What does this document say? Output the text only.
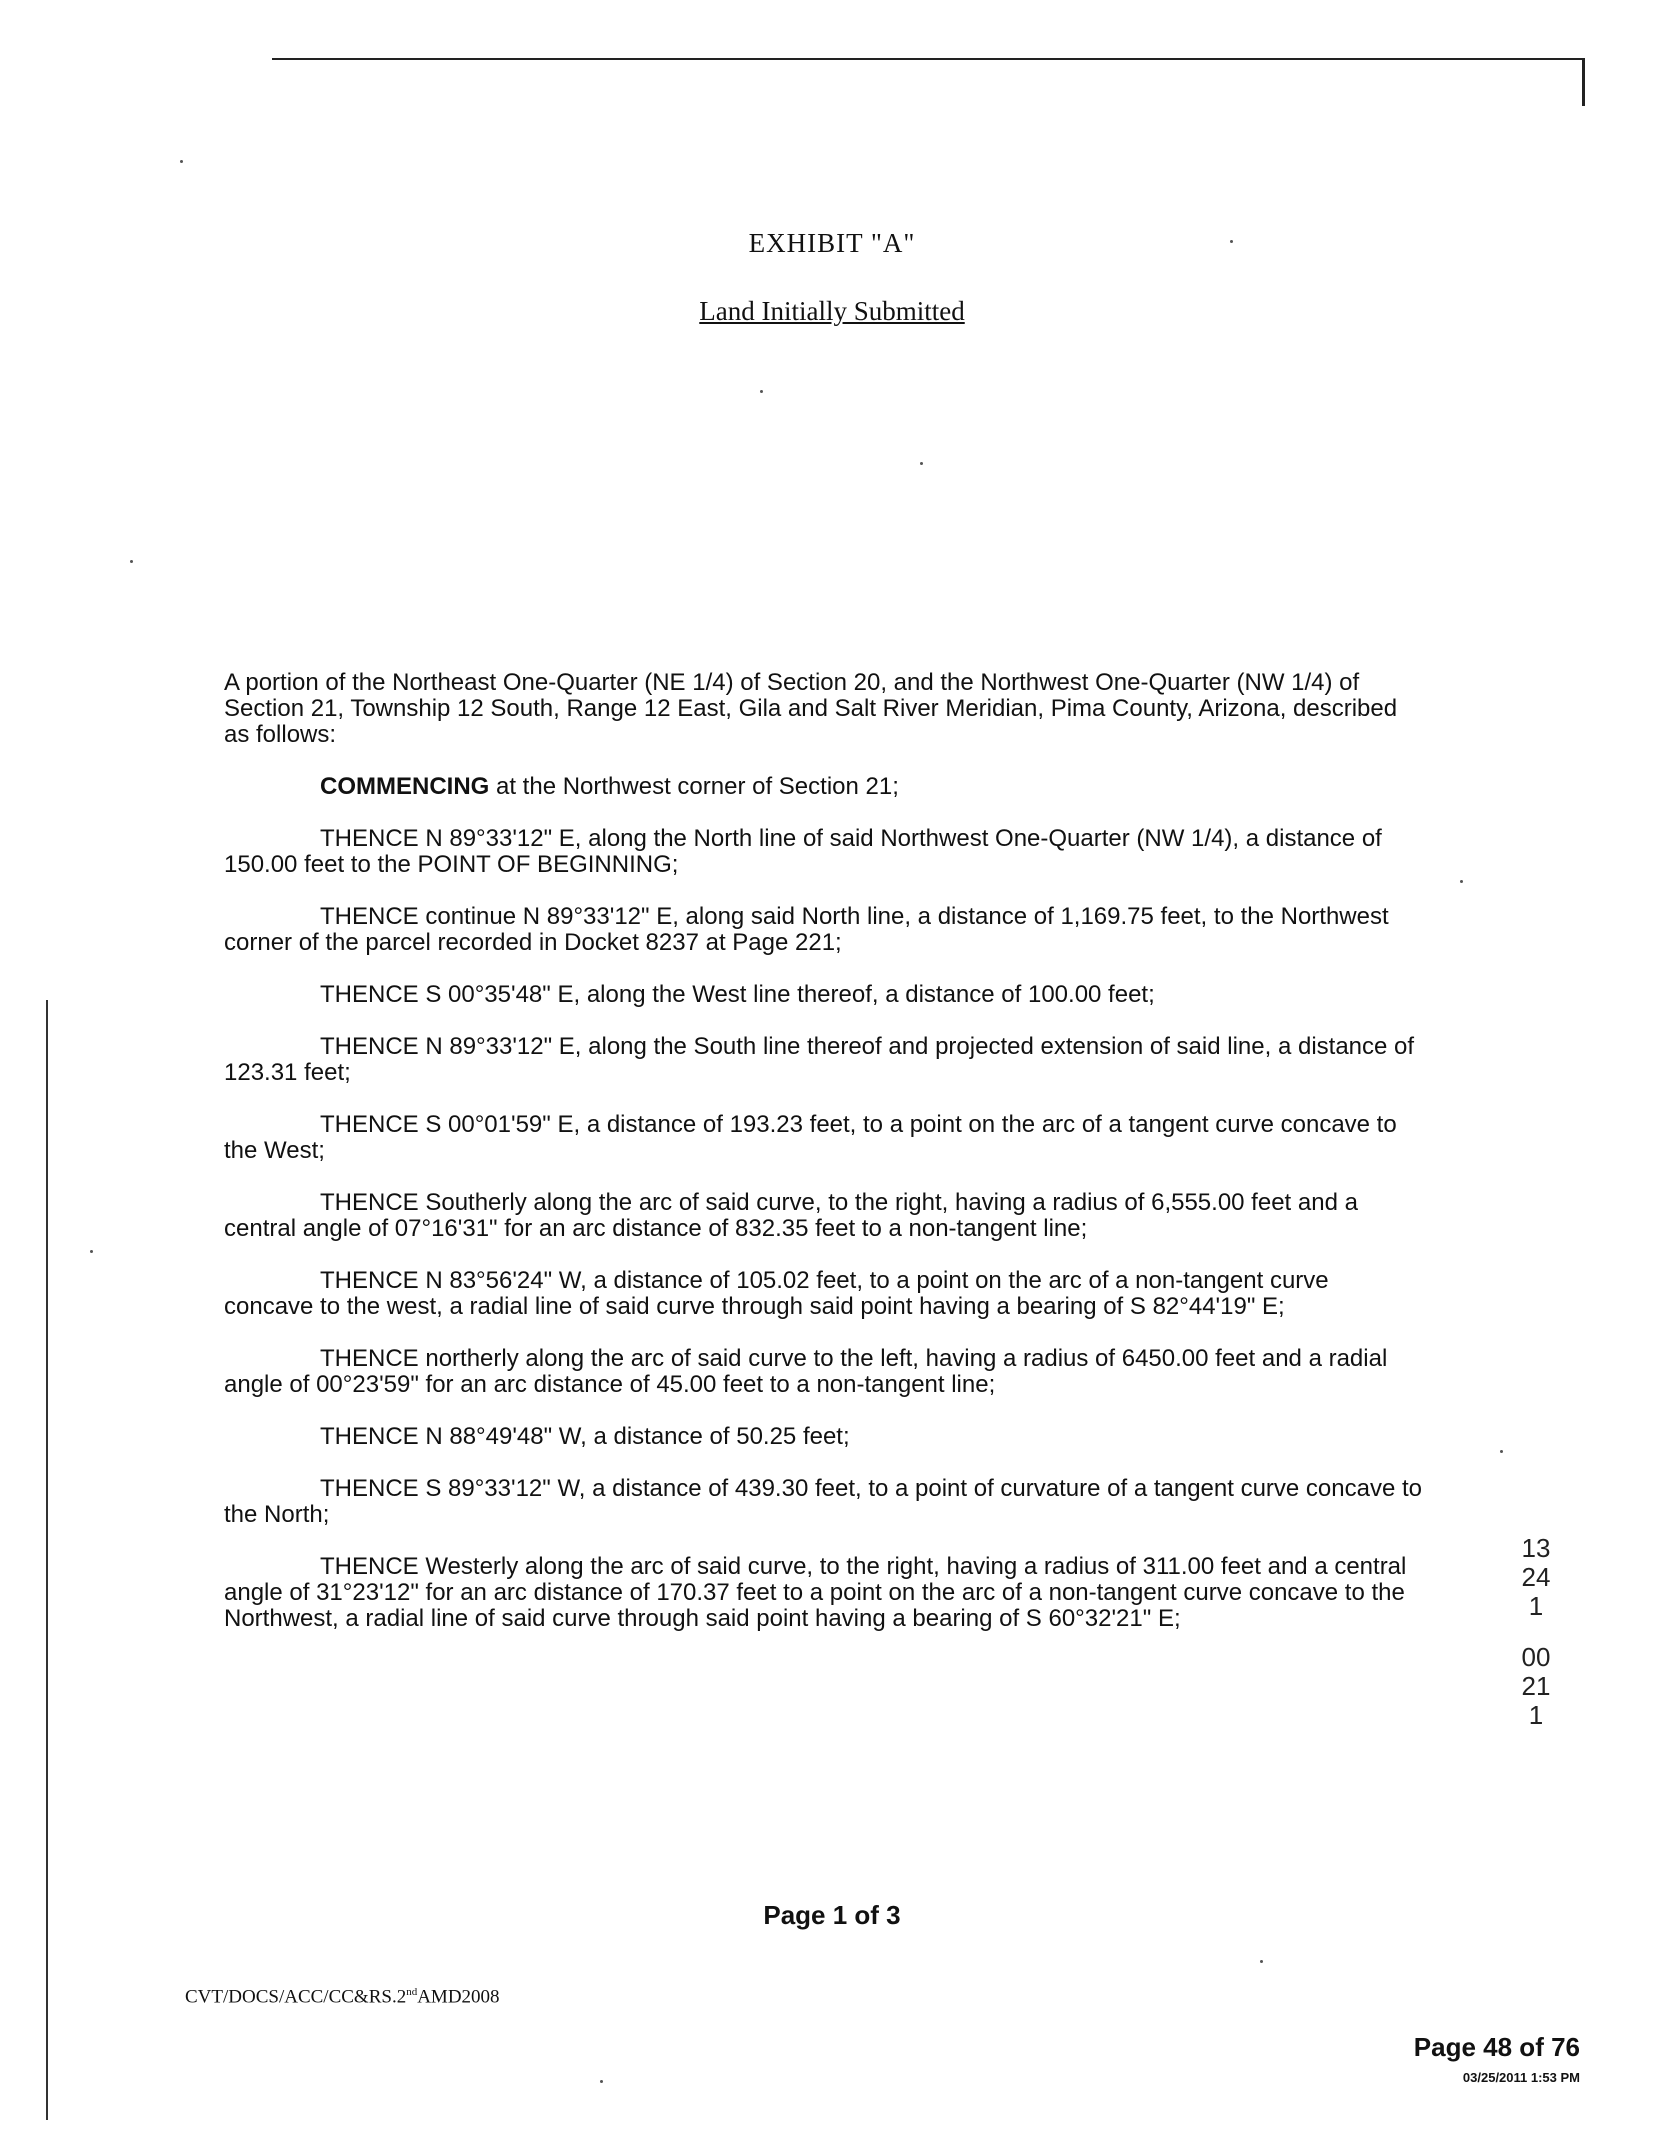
EXHIBIT "A"
Land Initially Submitted

A portion of the Northeast One-Quarter (NE 1/4) of Section 20, and the Northwest One-Quarter (NW 1/4) of Section 21, Township 12 South, Range 12 East, Gila and Salt River Meridian, Pima County, Arizona, described as follows:

COMMENCING at the Northwest corner of Section 21;

THENCE N 89°33'12" E, along the North line of said Northwest One-Quarter (NW 1/4), a distance of 150.00 feet to the POINT OF BEGINNING;

THENCE continue N 89°33'12" E, along said North line, a distance of 1,169.75 feet, to the Northwest corner of the parcel recorded in Docket 8237 at Page 221;

THENCE S 00°35'48" E, along the West line thereof, a distance of 100.00 feet;

THENCE N 89°33'12" E, along the South line thereof and projected extension of said line, a distance of 123.31 feet;

THENCE S 00°01'59" E, a distance of 193.23 feet, to a point on the arc of a tangent curve concave to the West;

THENCE Southerly along the arc of said curve, to the right, having a radius of 6,555.00 feet and a central angle of 07°16'31" for an arc distance of 832.35 feet to a non-tangent line;

THENCE N 83°56'24" W, a distance of 105.02 feet, to a point on the arc of a non-tangent curve concave to the west, a radial line of said curve through said point having a bearing of S 82°44'19" E;

THENCE northerly along the arc of said curve to the left, having a radius of 6450.00 feet and a radial angle of 00°23'59" for an arc distance of 45.00 feet to a non-tangent line;

THENCE N 88°49'48" W, a distance of 50.25 feet;

THENCE S 89°33'12" W, a distance of 439.30 feet, to a point of curvature of a tangent curve concave to the North;

THENCE Westerly along the arc of said curve, to the right, having a radius of 311.00 feet and a central angle of 31°23'12" for an arc distance of 170.37 feet to a point on the arc of a non-tangent curve concave to the Northwest, a radial line of said curve through said point having a bearing of S 60°32'21" E;

Page 1 of 3
CVT/DOCS/ACC/CC&RS.2ndAMD2008
13241
00211
Page 48 of 76
03/25/2011 1:53 PM
